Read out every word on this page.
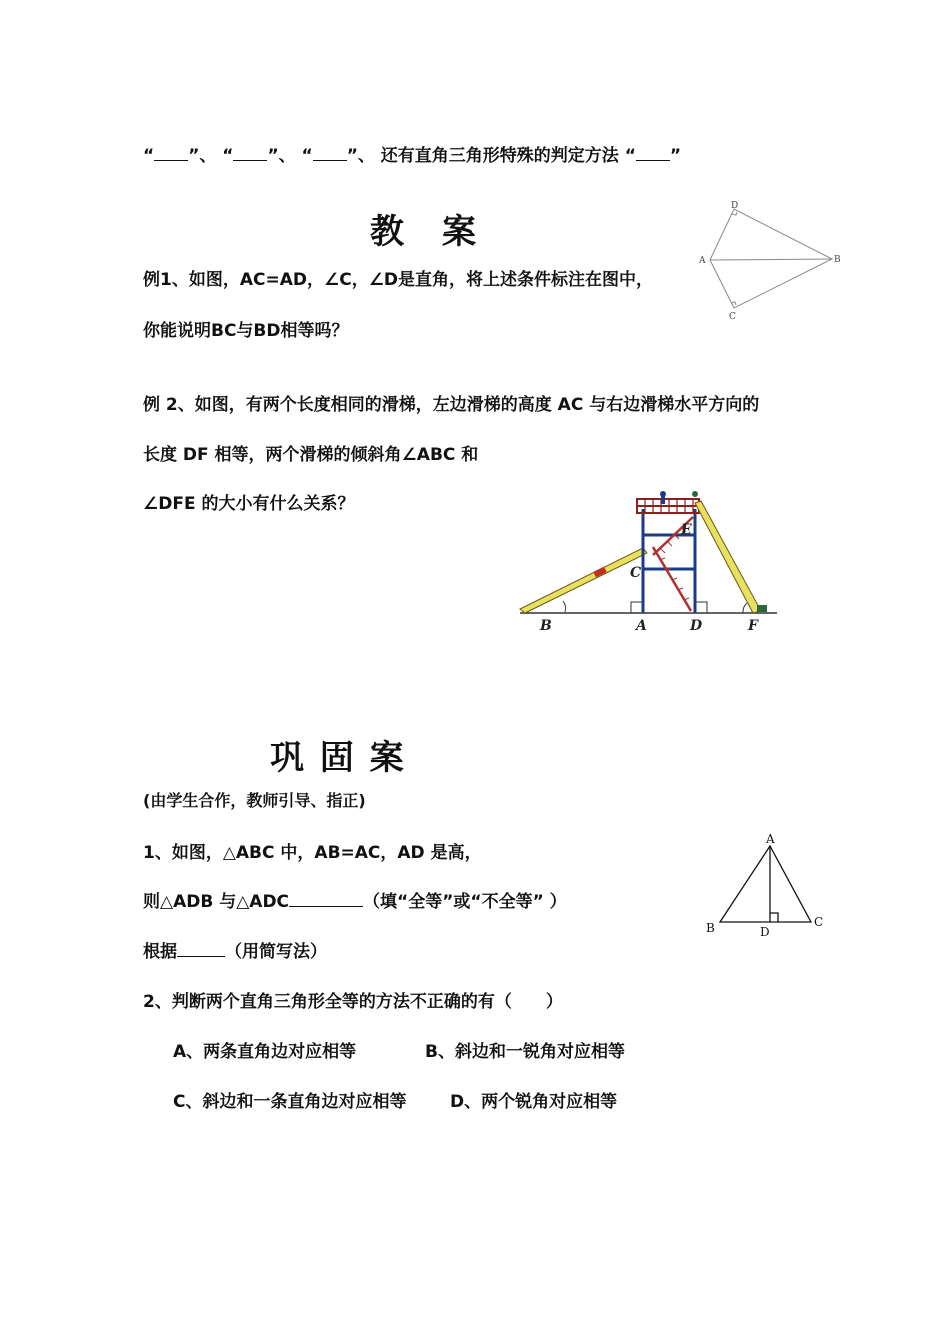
“ ”、 “ ”、 “ ”、 还有直角三角形特殊的判定方法 “ ”
教　案
D
A	B
C
例1、如图，AC=AD，∠C，∠D是直角，将上述条件标注在图中，
你能说明BC与BD相等吗？
例 2、如图，有两个长度相同的滑梯，左边滑梯的高度 AC 与右边滑梯水平方向的
长度 DF 相等，两个滑梯的倾斜角∠ABC 和
∠DFE 的大小有什么关系？
B	A	D	F
C
E
巩 固 案
(由学生合作，教师引导、指正)
1、如图，△ABC 中，AB=AC，AD 是高，
则△ADB 与△ADC	（填“全等”或“不全等” ）
根据	（用简写法）
A
B	D
C
2、判断两个直角三角形全等的方法不正确的有（　　）
A、两条直角边对应相等	B、斜边和一锐角对应相等
C、斜边和一条直角边对应相等	D、两个锐角对应相等
